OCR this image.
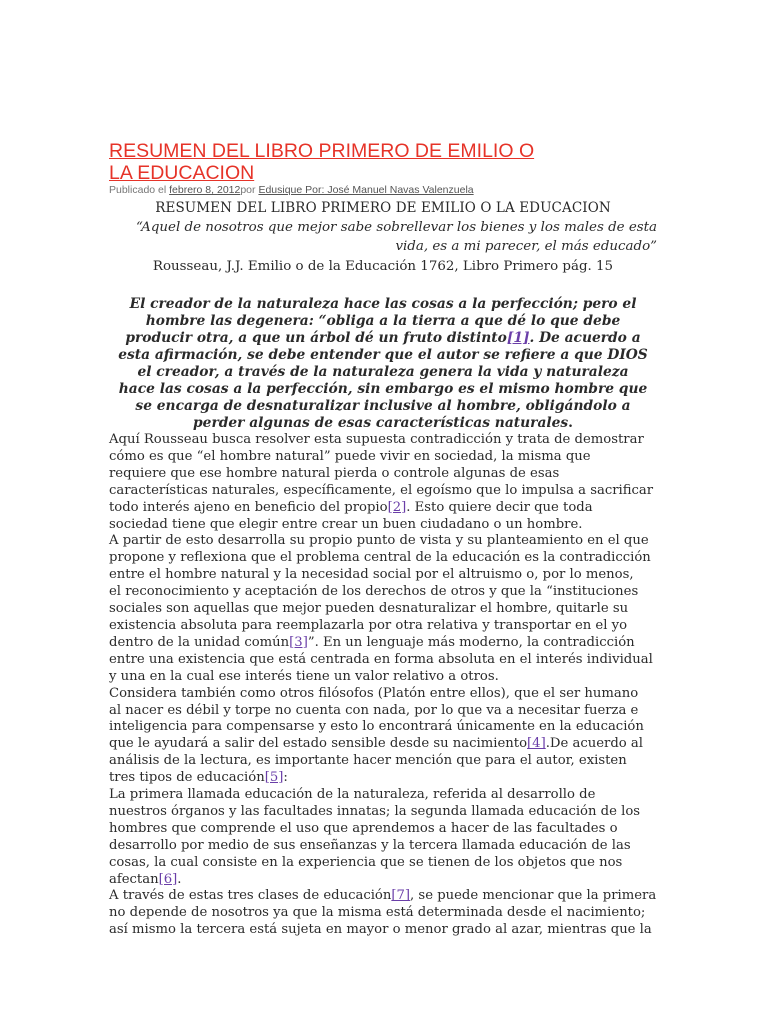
RESUMEN DEL LIBRO PRIMERO DE EMILIO O
LA EDUCACION
Publicado el febrero 8, 2012por Edusique Por: José Manuel Navas Valenzuela
RESUMEN DEL LIBRO PRIMERO DE EMILIO O LA EDUCACION
“Aquel de nosotros que mejor sabe sobrellevar los bienes y los males de esta
vida, es a mi parecer, el más educado”
Rousseau, J.J. Emilio o de la Educación 1762, Libro Primero pág. 15
El creador de la naturaleza hace las cosas a la perfección; pero el
hombre las degenera: “obliga a la tierra a que dé lo que debe
producir otra, a que un árbol dé un fruto distinto[1]. De acuerdo a
esta afirmación, se debe entender que el autor se refiere a que DIOS
el creador, a través de la naturaleza genera la vida y naturaleza
hace las cosas a la perfección, sin embargo es el mismo hombre que
se encarga de desnaturalizar inclusive al hombre, obligándolo a
perder algunas de esas características naturales.

Aquí Rousseau busca resolver esta supuesta contradicción y trata de demostrar
cómo es que “el hombre natural” puede vivir en sociedad, la misma que
requiere que ese hombre natural pierda o controle algunas de esas
características naturales, específicamente, el egoísmo que lo impulsa a sacrificar
todo interés ajeno en beneficio del propio[2]. Esto quiere decir que toda
sociedad tiene que elegir entre crear un buen ciudadano o un hombre.

A partir de esto desarrolla su propio punto de vista y su planteamiento en el que
propone y reflexiona que el problema central de la educación es la contradicción
entre el hombre natural y la necesidad social por el altruismo o, por lo menos,
el reconocimiento y aceptación de los derechos de otros y que la “instituciones
sociales son aquellas que mejor pueden desnaturalizar el hombre, quitarle su
existencia absoluta para reemplazarla por otra relativa y transportar en el yo
dentro de la unidad común[3]”. En un lenguaje más moderno, la contradicción
entre una existencia que está centrada en forma absoluta en el interés individual
y una en la cual ese interés tiene un valor relativo a otros.

Considera también como otros filósofos (Platón entre ellos), que el ser humano
al nacer es débil y torpe no cuenta con nada, por lo que va a necesitar fuerza e
inteligencia para compensarse y esto lo encontrará únicamente en la educación
que le ayudará a salir del estado sensible desde su nacimiento[4].De acuerdo al
análisis de la lectura, es importante hacer mención que para el autor, existen
tres tipos de educación[5]:

La primera llamada educación de la naturaleza, referida al desarrollo de
nuestros órganos y las facultades innatas; la segunda llamada educación de los
hombres que comprende el uso que aprendemos a hacer de las facultades o
desarrollo por medio de sus enseñanzas y la tercera llamada educación de las
cosas, la cual consiste en la experiencia que se tienen de los objetos que nos
afectan[6].

A través de estas tres clases de educación[7], se puede mencionar que la primera
no depende de nosotros ya que la misma está determinada desde el nacimiento;
así mismo la tercera está sujeta en mayor o menor grado al azar, mientras que la
